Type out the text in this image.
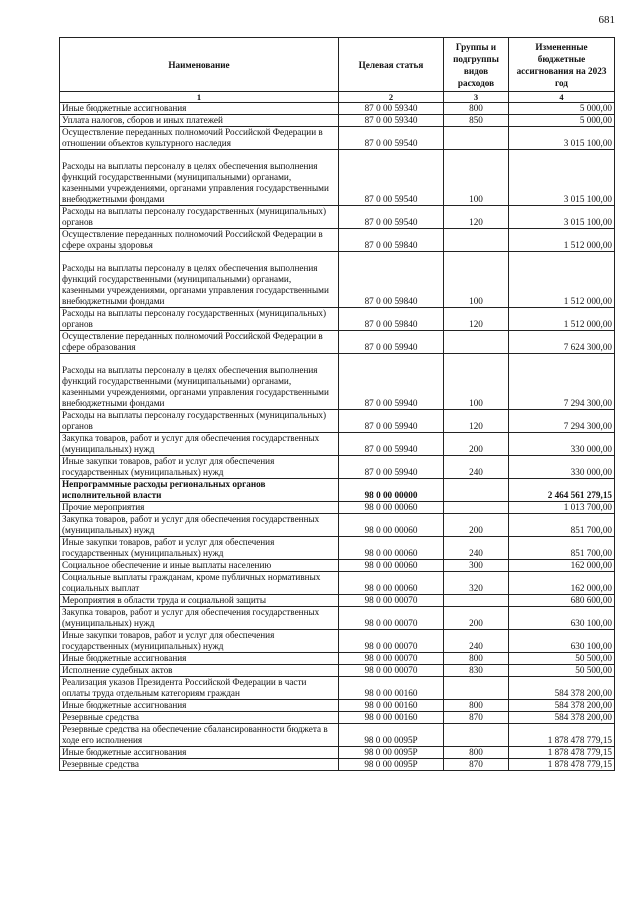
681
Наименование	Целевая статья	Группы и подгруппы видов расходов	Измененные бюджетные ассигнования на 2023 год
1	2	3	4
Иные бюджетные ассигнования	87 0 00 59340	800	5 000,00
Уплата налогов, сборов и иных платежей	87 0 00 59340	850	5 000,00
Осуществление переданных полномочий Российской Федерации в отношении объектов культурного наследия	87 0 00 59540		3 015 100,00
Расходы на выплаты персоналу в целях обеспечения выполнения функций государственными (муниципальными) органами, казенными учреждениями, органами управления государственными внебюджетными фондами	87 0 00 59540	100	3 015 100,00
Расходы на выплаты персоналу государственных (муниципальных) органов	87 0 00 59540	120	3 015 100,00
Осуществление переданных полномочий Российской Федерации в сфере охраны здоровья	87 0 00 59840		1 512 000,00
Расходы на выплаты персоналу в целях обеспечения выполнения функций государственными (муниципальными) органами, казенными учреждениями, органами управления государственными внебюджетными фондами	87 0 00 59840	100	1 512 000,00
Расходы на выплаты персоналу государственных (муниципальных) органов	87 0 00 59840	120	1 512 000,00
Осуществление переданных полномочий Российской Федерации в сфере образования	87 0 00 59940		7 624 300,00
Расходы на выплаты персоналу в целях обеспечения выполнения функций государственными (муниципальными) органами, казенными учреждениями, органами управления государственными внебюджетными фондами	87 0 00 59940	100	7 294 300,00
Расходы на выплаты персоналу государственных (муниципальных) органов	87 0 00 59940	120	7 294 300,00
Закупка товаров, работ и услуг для обеспечения государственных (муниципальных) нужд	87 0 00 59940	200	330 000,00
Иные закупки товаров, работ и услуг для обеспечения государственных (муниципальных) нужд	87 0 00 59940	240	330 000,00
Непрограммные расходы региональных органов исполнительной власти	98 0 00 00000		2 464 561 279,15
Прочие мероприятия	98 0 00 00060		1 013 700,00
Закупка товаров, работ и услуг для обеспечения государственных (муниципальных) нужд	98 0 00 00060	200	851 700,00
Иные закупки товаров, работ и услуг для обеспечения государственных (муниципальных) нужд	98 0 00 00060	240	851 700,00
Социальное обеспечение и иные выплаты населению	98 0 00 00060	300	162 000,00
Социальные выплаты гражданам, кроме публичных нормативных социальных выплат	98 0 00 00060	320	162 000,00
Мероприятия в области труда и социальной защиты	98 0 00 00070		680 600,00
Закупка товаров, работ и услуг для обеспечения государственных (муниципальных) нужд	98 0 00 00070	200	630 100,00
Иные закупки товаров, работ и услуг для обеспечения государственных (муниципальных) нужд	98 0 00 00070	240	630 100,00
Иные бюджетные ассигнования	98 0 00 00070	800	50 500,00
Исполнение судебных актов	98 0 00 00070	830	50 500,00
Реализация указов Президента Российской Федерации в части оплаты труда отдельным категориям граждан	98 0 00 00160		584 378 200,00
Иные бюджетные ассигнования	98 0 00 00160	800	584 378 200,00
Резервные средства	98 0 00 00160	870	584 378 200,00
Резервные средства на обеспечение сбалансированности бюджета в ходе его исполнения	98 0 00 0095Р		1 878 478 779,15
Иные бюджетные ассигнования	98 0 00 0095Р	800	1 878 478 779,15
Резервные средства	98 0 00 0095Р	870	1 878 478 779,15
